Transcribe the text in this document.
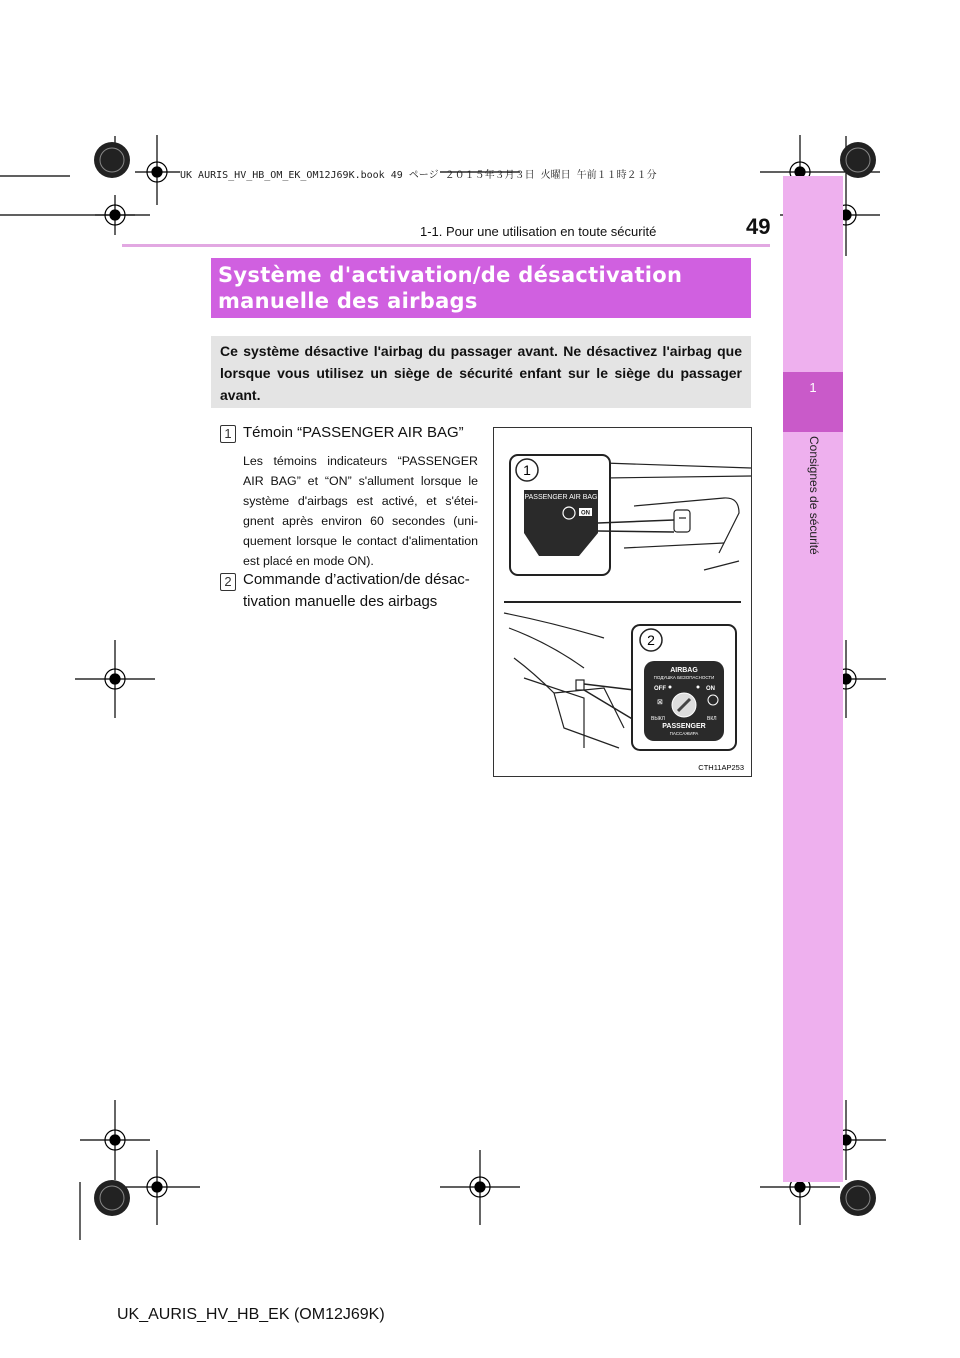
UK AURIS_HV_HB_OM_EK_OM12J69K.book 49 ページ ２０１５年３月３日 火曜日 午前１１時２１分
1-1. Pour une utilisation en toute sécurité	49
1
Consignes de sécurité
Système d'activation/de désactivation manuelle des airbags
Ce système désactive l'airbag du passager avant. Ne désactivez l'airbag que lorsque vous utilisez un siège de sécurité enfant sur le siège du passager avant.
1 Témoin “PASSENGER AIR BAG”
Les témoins indicateurs “PASSENGER AIR BAG” et “ON” s'allument lorsque le système d'airbags est activé, et s'étei-gnent après environ 60 secondes (uni-quement lorsque le contact d'alimentation est placé en mode ON).
2 Commande d’activation/de désac-tivation manuelle des airbags
1
PASSENGER AIR BAG
ON
2
AIRBAG
ПОДУШКА БЕЗОПАСНОСТИ
OFF	ON
⊠
ВЫКЛ	ВКЛ
PASSENGER
ПАССАЖИРА
CTH11AP253
UK_AURIS_HV_HB_EK (OM12J69K)
